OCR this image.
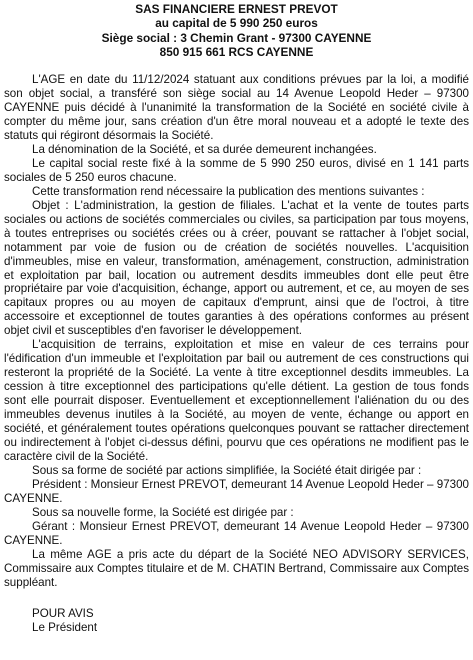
SAS FINANCIERE ERNEST PREVOT
au capital de 5 990 250 euros
Siège social : 3 Chemin Grant - 97300 CAYENNE
850 915 661 RCS CAYENNE

L'AGE en date du 11/12/2024 statuant aux conditions prévues par la loi, a modifié son objet social, a transféré son siège social au 14 Avenue Leopold Heder – 97300 CAYENNE puis décidé à l'unanimité la transformation de la Société en société civile à compter du même jour, sans création d'un être moral nouveau et a adopté le texte des statuts qui régiront désormais la Société.

La dénomination de la Société, et sa durée demeurent inchangées.

Le capital social reste fixé à la somme de 5 990 250 euros, divisé en 1 141 parts sociales de 5 250 euros chacune.

Cette transformation rend nécessaire la publication des mentions suivantes :

Objet : L'administration, la gestion de filiales. L'achat et la vente de toutes parts sociales ou actions de sociétés commerciales ou civiles, sa participation par tous moyens, à toutes entreprises ou sociétés crées ou à créer, pouvant se rattacher à l'objet social, notamment par voie de fusion ou de création de sociétés nouvelles. L'acquisition d'immeubles, mise en valeur, transformation, aménagement, construction, administration et exploitation par bail, location ou autrement desdits immeubles dont elle peut être propriétaire par voie d'acquisition, échange, apport ou autrement, et ce, au moyen de ses capitaux propres ou au moyen de capitaux d'emprunt, ainsi que de l'octroi, à titre accessoire et exceptionnel de toutes garanties à des opérations conformes au présent objet civil et susceptibles d'en favoriser le développement.

L'acquisition de terrains, exploitation et mise en valeur de ces terrains pour l'édification d'un immeuble et l'exploitation par bail ou autrement de ces constructions qui resteront la propriété de la Société. La vente à titre exceptionnel desdits immeubles. La cession à titre exceptionnel des participations qu'elle détient. La gestion de tous fonds sont elle pourrait disposer. Eventuellement et exceptionnellement l'aliénation du ou des immeubles devenus inutiles à la Société, au moyen de vente, échange ou apport en société, et généralement toutes opérations quelconques pouvant se rattacher directement ou indirectement à l'objet ci-dessus défini, pourvu que ces opérations ne modifient pas le caractère civil de la Société.

Sous sa forme de société par actions simplifiée, la Société était dirigée par :

Président : Monsieur Ernest PREVOT, demeurant 14 Avenue Leopold Heder – 97300 CAYENNE.

Sous sa nouvelle forme, la Société est dirigée par :

Gérant : Monsieur Ernest PREVOT, demeurant 14 Avenue Leopold Heder – 97300 CAYENNE.

La même AGE a pris acte du départ de la Société NEO ADVISORY SERVICES, Commissaire aux Comptes titulaire et de M. CHATIN Bertrand, Commissaire aux Comptes suppléant.

POUR AVIS
Le Président
